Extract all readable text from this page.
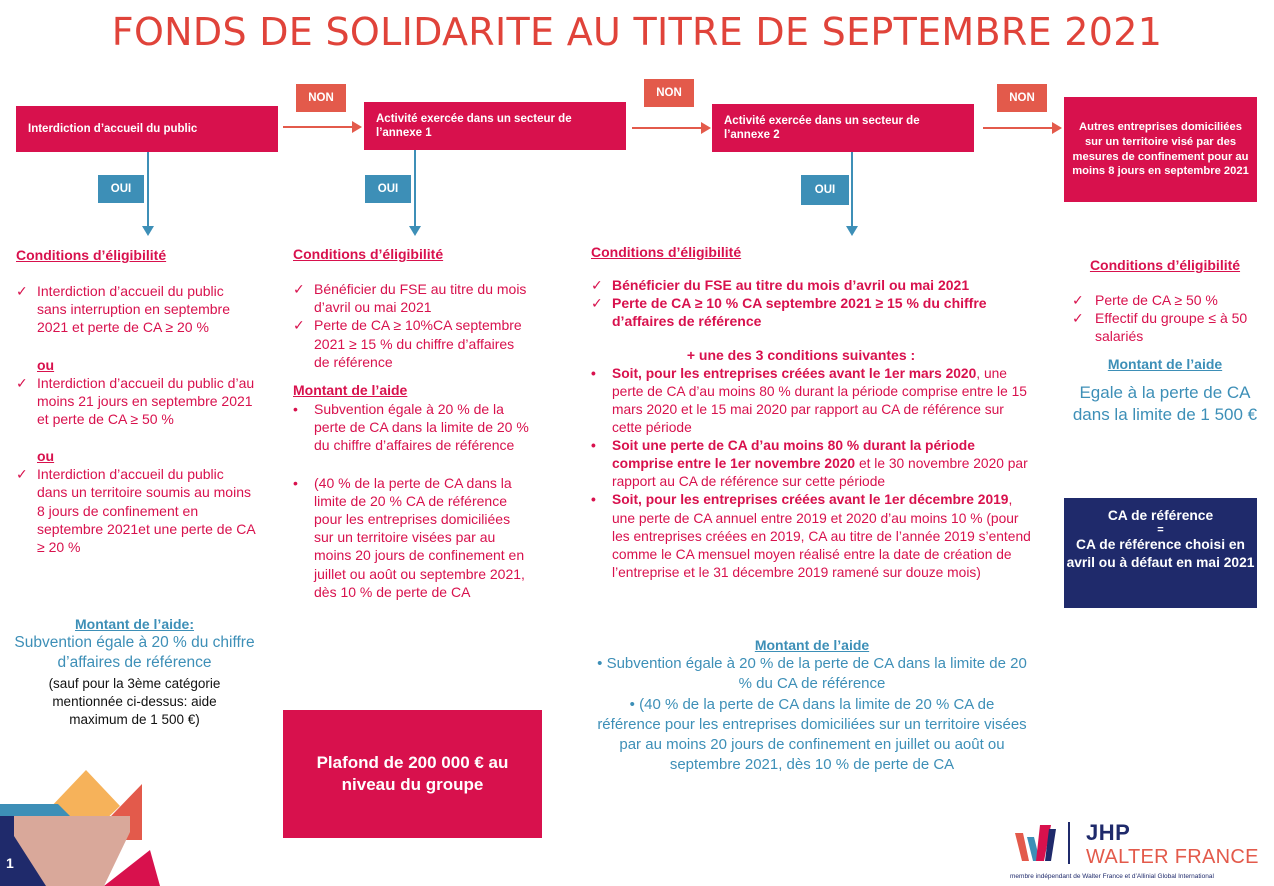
FONDS DE SOLIDARITE AU TITRE DE SEPTEMBRE 2021
Interdiction d’accueil du public
Activité exercée dans un secteur de l’annexe 1
Activité exercée dans un secteur de l’annexe 2
Autres entreprises domiciliées sur un territoire visé par des mesures de confinement pour au moins 8 jours en septembre 2021
NON	NON	NON
OUI	OUI	OUI
Conditions d’éligibilité
✓ Interdiction d’accueil du public sans interruption en septembre 2021 et perte de CA ≥ 20 %
ou
✓ Interdiction d’accueil du public d’au moins 21 jours en septembre 2021 et perte de CA ≥ 50 %
ou
✓ Interdiction d’accueil du public dans un territoire soumis au moins 8 jours de confinement en septembre 2021et une perte de CA ≥ 20 %
Montant de l’aide:
Subvention égale à 20 % du chiffre d’affaires de référence
(sauf pour la 3ème catégorie mentionnée ci-dessus: aide maximum de 1 500 €)
Conditions d’éligibilité
✓ Bénéficier du FSE au titre du mois d’avril ou mai 2021
✓ Perte de CA ≥ 10%CA septembre 2021 ≥ 15 % du chiffre d’affaires de référence
Montant de l’aide
• Subvention égale à 20 % de la perte de CA dans la limite de 20 % du chiffre d’affaires de référence
• (40 % de la perte de CA dans la limite de 20 % CA de référence pour les entreprises domiciliées sur un territoire visées par au moins 20 jours de confinement en juillet ou août ou septembre 2021, dès 10 % de perte de CA
Plafond de 200 000 € au niveau du groupe
Conditions d’éligibilité
✓ Bénéficier du FSE au titre du mois d’avril ou mai 2021
✓ Perte de CA ≥ 10 % CA septembre 2021 ≥ 15 % du chiffre d’affaires de référence
+ une des 3 conditions suivantes :
• Soit, pour les entreprises créées avant le 1er mars 2020, une perte de CA d’au moins 80 % durant la période comprise entre le 15 mars 2020 et le 15 mai 2020 par rapport au CA de référence sur cette période
• Soit une perte de CA d’au moins 80 % durant la période comprise entre le 1er novembre 2020 et le 30 novembre 2020 par rapport au CA de référence sur cette période
• Soit, pour les entreprises créées avant le 1er décembre 2019, une perte de CA annuel entre 2019 et 2020 d’au moins 10 % (pour les entreprises créées en 2019, CA au titre de l’année 2019 s’entend comme le CA mensuel moyen réalisé entre la date de création de l’entreprise et le 31 décembre 2019 ramené sur douze mois)
Montant de l’aide
• Subvention égale à 20 % de la perte de CA dans la limite de 20 % du CA de référence
• (40 % de la perte de CA dans la limite de 20 % CA de référence pour les entreprises domiciliées sur un territoire visées par au moins 20 jours de confinement en juillet ou août ou septembre 2021, dès 10 % de perte de CA
Conditions d’éligibilité
✓ Perte de CA ≥ 50 %
✓ Effectif du groupe ≤ à 50 salariés
Montant de l’aide
Egale à la perte de CA dans la limite de 1 500 €
CA de référence
=
CA de référence choisi en avril ou à défaut en mai 2021
1
JHP
WALTER FRANCE
membre indépendant de Walter France et d’Allinial Global International
